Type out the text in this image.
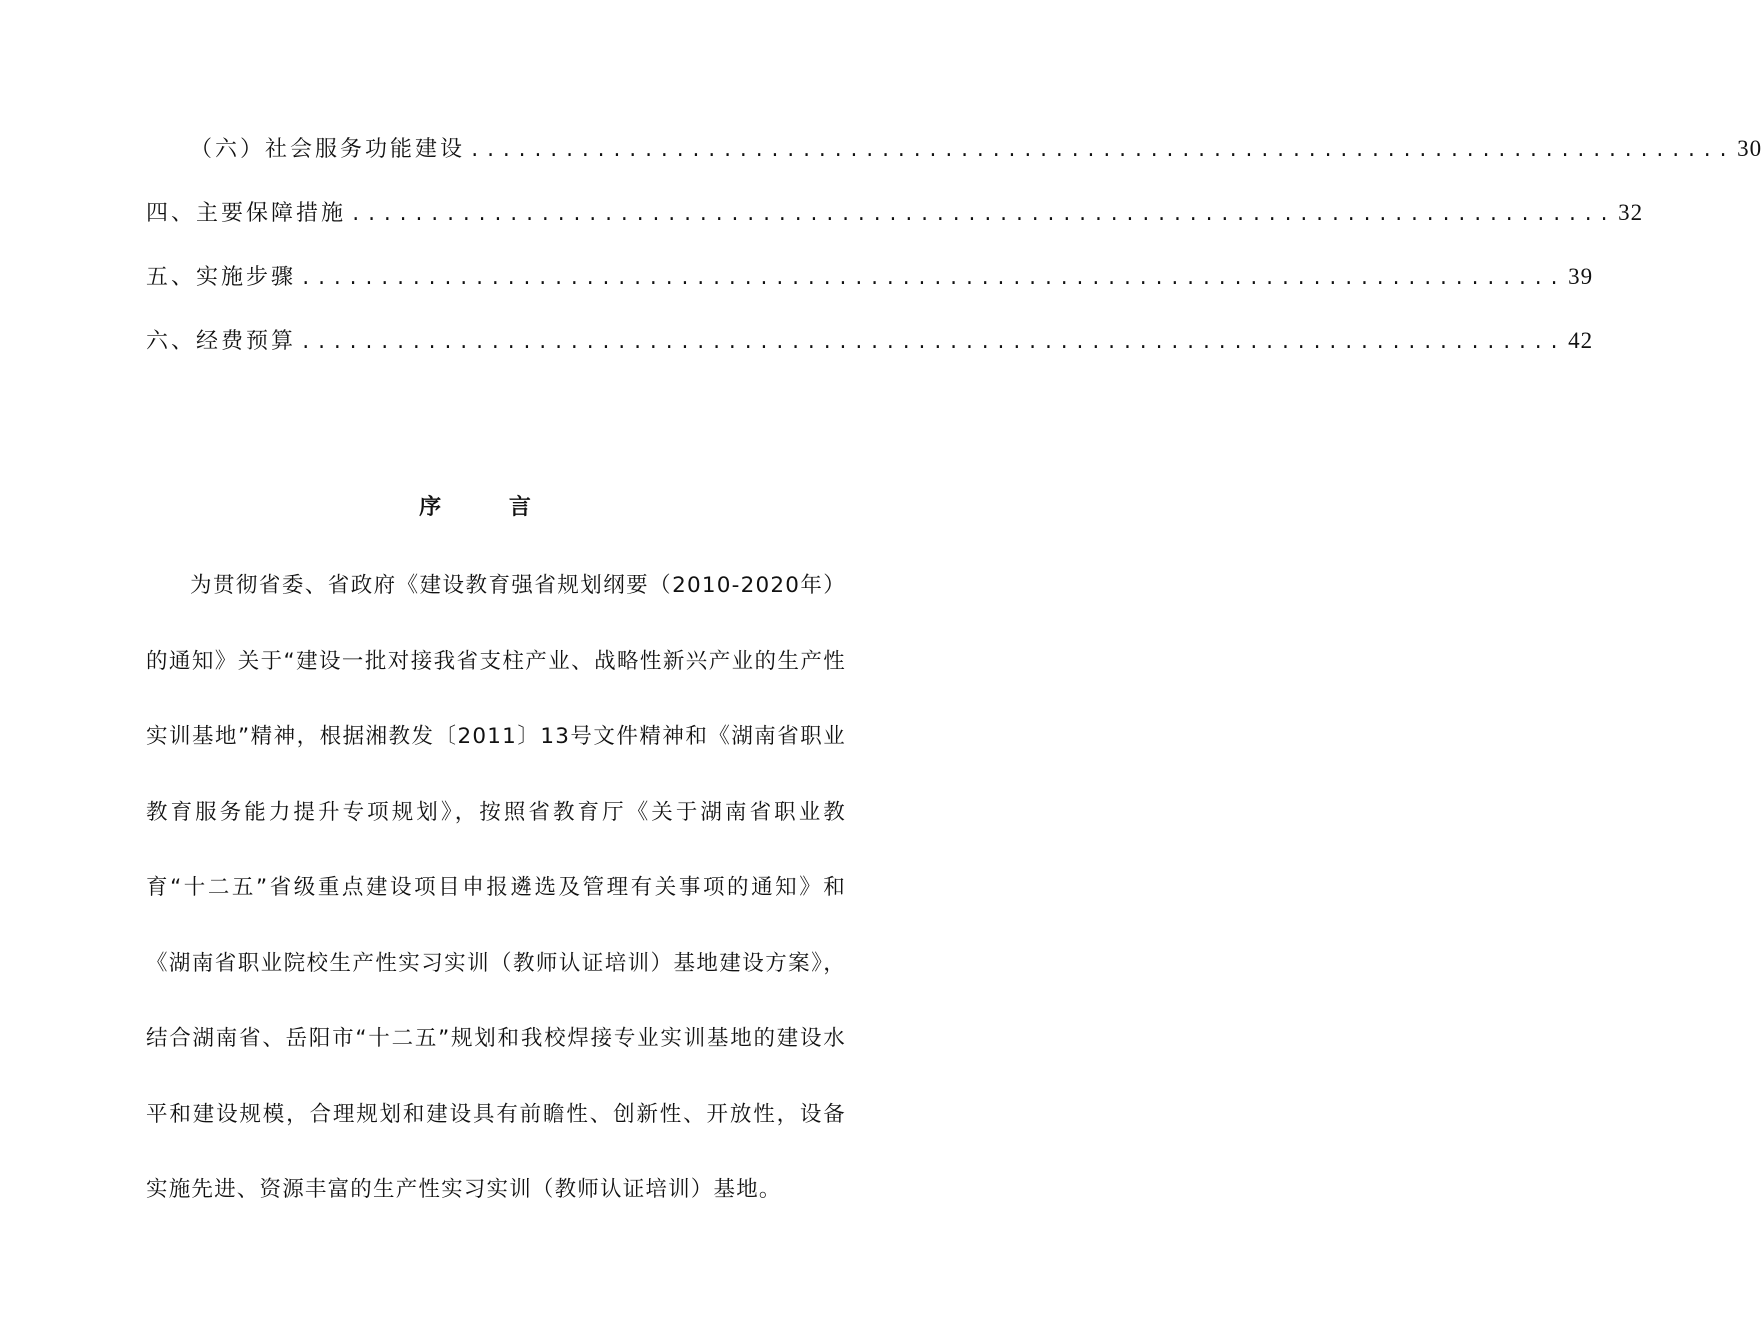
（六）社会服务功能建设 ................................................................................ 30
四、主要保障措施 ................................................................................ 32
五、实施步骤 ................................................................................ 39
六、经费预算 ................................................................................ 42
序 言

为贯彻省委、省政府《建设教育强省规划纲要（2010-2020年）的通知》关于“建设一批对接我省支柱产业、战略性新兴产业的生产性实训基地”精神，根据湘教发〔2011〕13号文件精神和《湖南省职业教育服务能力提升专项规划》，按照省教育厅《关于湖南省职业教育“十二五”省级重点建设项目申报遴选及管理有关事项的通知》和《湖南省职业院校生产性实习实训（教师认证培训）基地建设方案》，结合湖南省、岳阳市“十二五”规划和我校焊接专业实训基地的建设水平和建设规模，合理规划和建设具有前瞻性、创新性、开放性，设备实施先进、资源丰富的生产性实习实训（教师认证培训）基地。
